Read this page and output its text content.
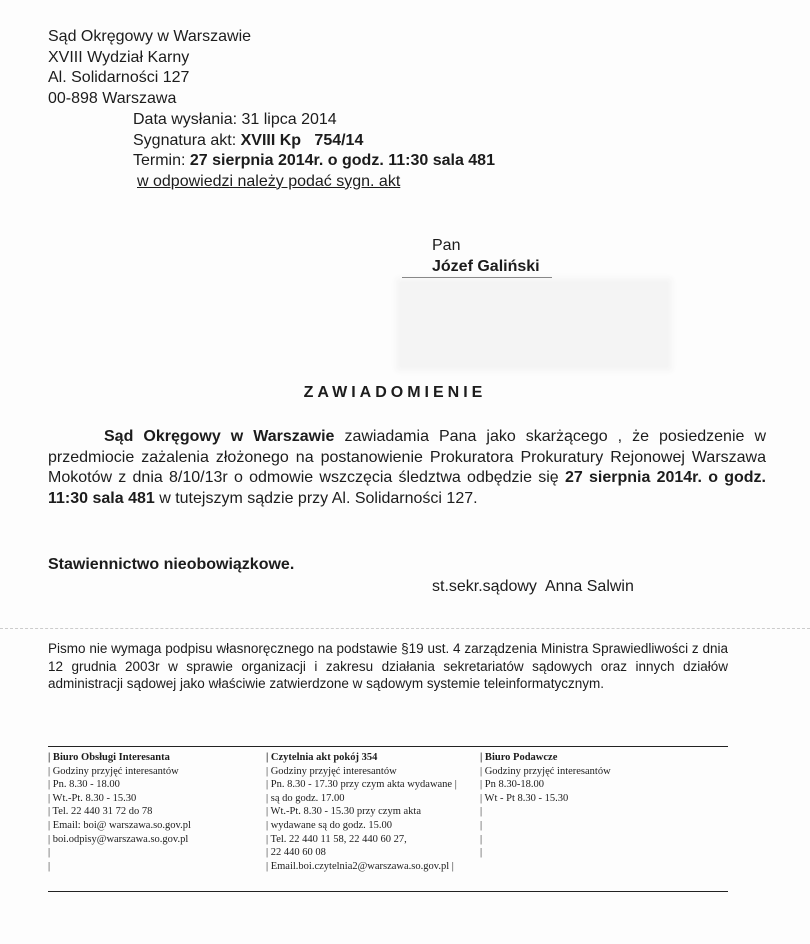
Sąd Okręgowy w Warszawie
XVIII Wydział Karny
Al. Solidarności 127
00-898 Warszawa
Data wysłania: 31 lipca 2014
Sygnatura akt: XVIII Kp   754/14
Termin: 27 sierpnia 2014r. o godz. 11:30 sala 481
w odpowiedzi należy podać sygn. akt
Pan
Józef Galiński
ZAWIADOMIENIE
Sąd Okręgowy w Warszawie zawiadamia Pana jako skarżącego , że posiedzenie w przedmiocie zażalenia złożonego na postanowienie Prokuratora Prokuratury Rejonowej Warszawa Mokotów z dnia 8/10/13r o odmowie wszczęcia śledztwa odbędzie się 27 sierpnia 2014r. o godz. 11:30 sala 481 w tutejszym sądzie przy Al. Solidarności 127.
Stawiennictwo nieobowiązkowe.
st.sekr.sądowy  Anna Salwin
Pismo nie wymaga podpisu własnoręcznego na podstawie §19 ust. 4 zarządzenia Ministra Sprawiedliwości z dnia 12 grudnia 2003r w sprawie organizacji i zakresu działania sekretariatów sądowych oraz innych działów administracji sądowej jako właściwie zatwierdzone w sądowym systemie teleinformatycznym.
| Biuro Obsługi Interesanta
| Godziny przyjęć interesantów
| Pn. 8.30 - 18.00
| Wt.-Pt. 8.30 - 15.30
| Tel. 22 440 31 72 do 78
| Email: boi@ warszawa.so.gov.pl
| boi.odpisy@warszawa.so.gov.pl
|
|
| Czytelnia akt pokój 354
| Godziny przyjęć interesantów
| Pn. 8.30 - 17.30 przy czym akta wydawane |
| są do godz. 17.00
| Wt.-Pt. 8.30 - 15.30 przy czym akta
| wydawane są do godz. 15.00
| Tel. 22 440 11 58, 22 440 60 27,
| 22 440 60 08
| Email.boi.czytelnia2@warszawa.so.gov.pl |
| Biuro Podawcze
| Godziny przyjęć interesantów
| Pn 8.30-18.00
| Wt - Pt 8.30 - 15.30
|
|
|
|
